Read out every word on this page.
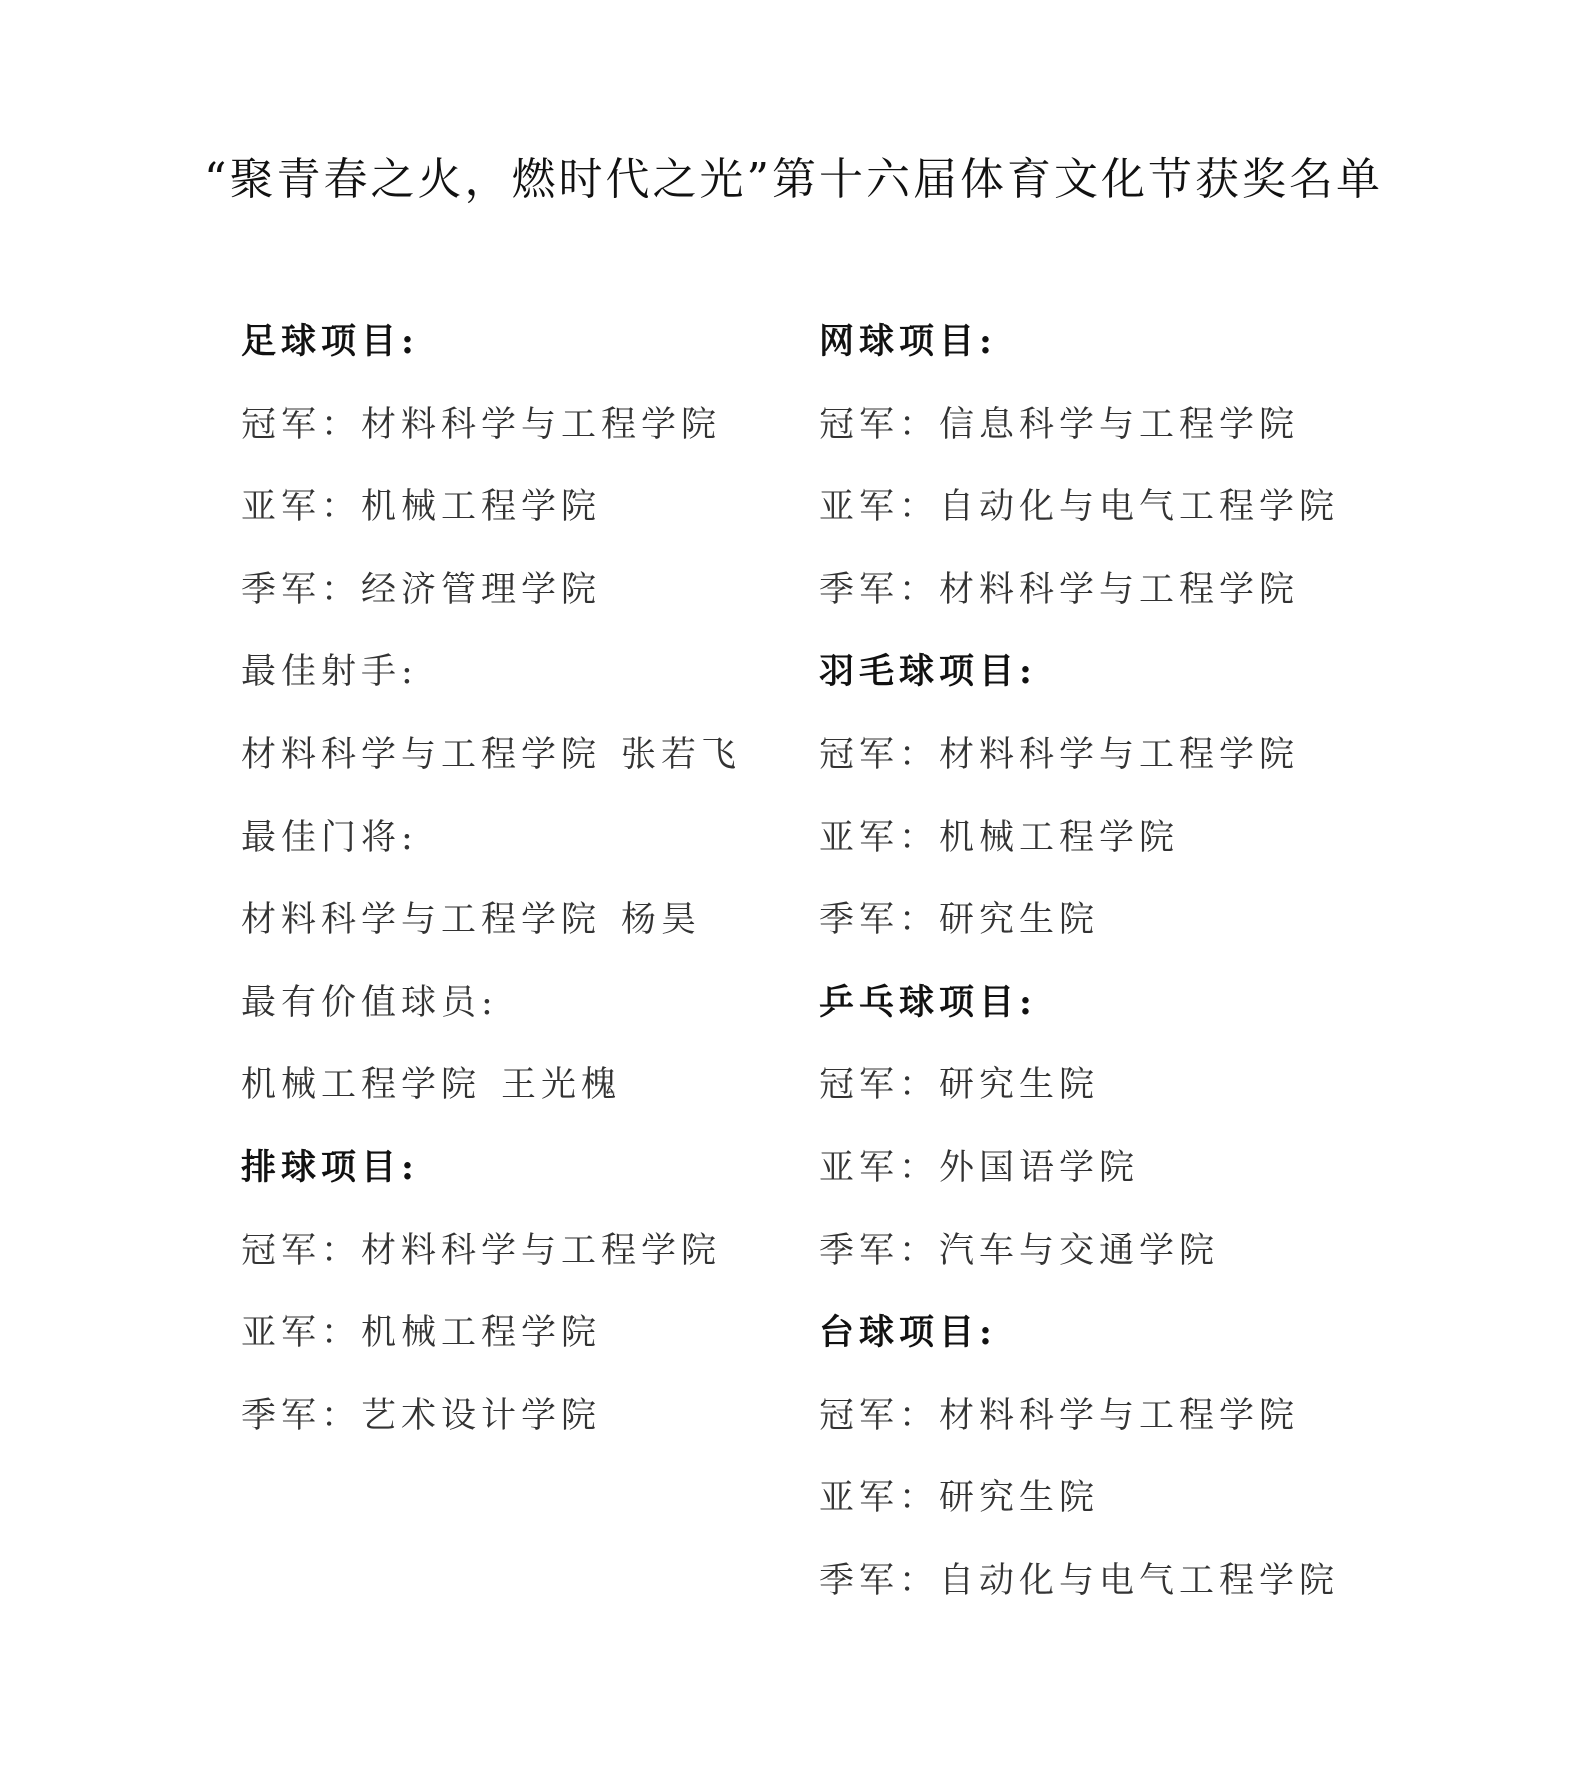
“聚青春之火，燃时代之光”第十六届体育文化节获奖名单
足球项目:
冠军：材料科学与工程学院
亚军：机械工程学院
季军：经济管理学院
最佳射手:
材料科学与工程学院 张若飞
最佳门将:
材料科学与工程学院 杨昊
最有价值球员:
机械工程学院 王光槐
排球项目:
冠军：材料科学与工程学院
亚军：机械工程学院
季军：艺术设计学院
网球项目:
冠军：信息科学与工程学院
亚军：自动化与电气工程学院
季军：材料科学与工程学院
羽毛球项目:
冠军：材料科学与工程学院
亚军：机械工程学院
季军：研究生院
乒乓球项目:
冠军：研究生院
亚军：外国语学院
季军：汽车与交通学院
台球项目:
冠军：材料科学与工程学院
亚军：研究生院
季军：自动化与电气工程学院
